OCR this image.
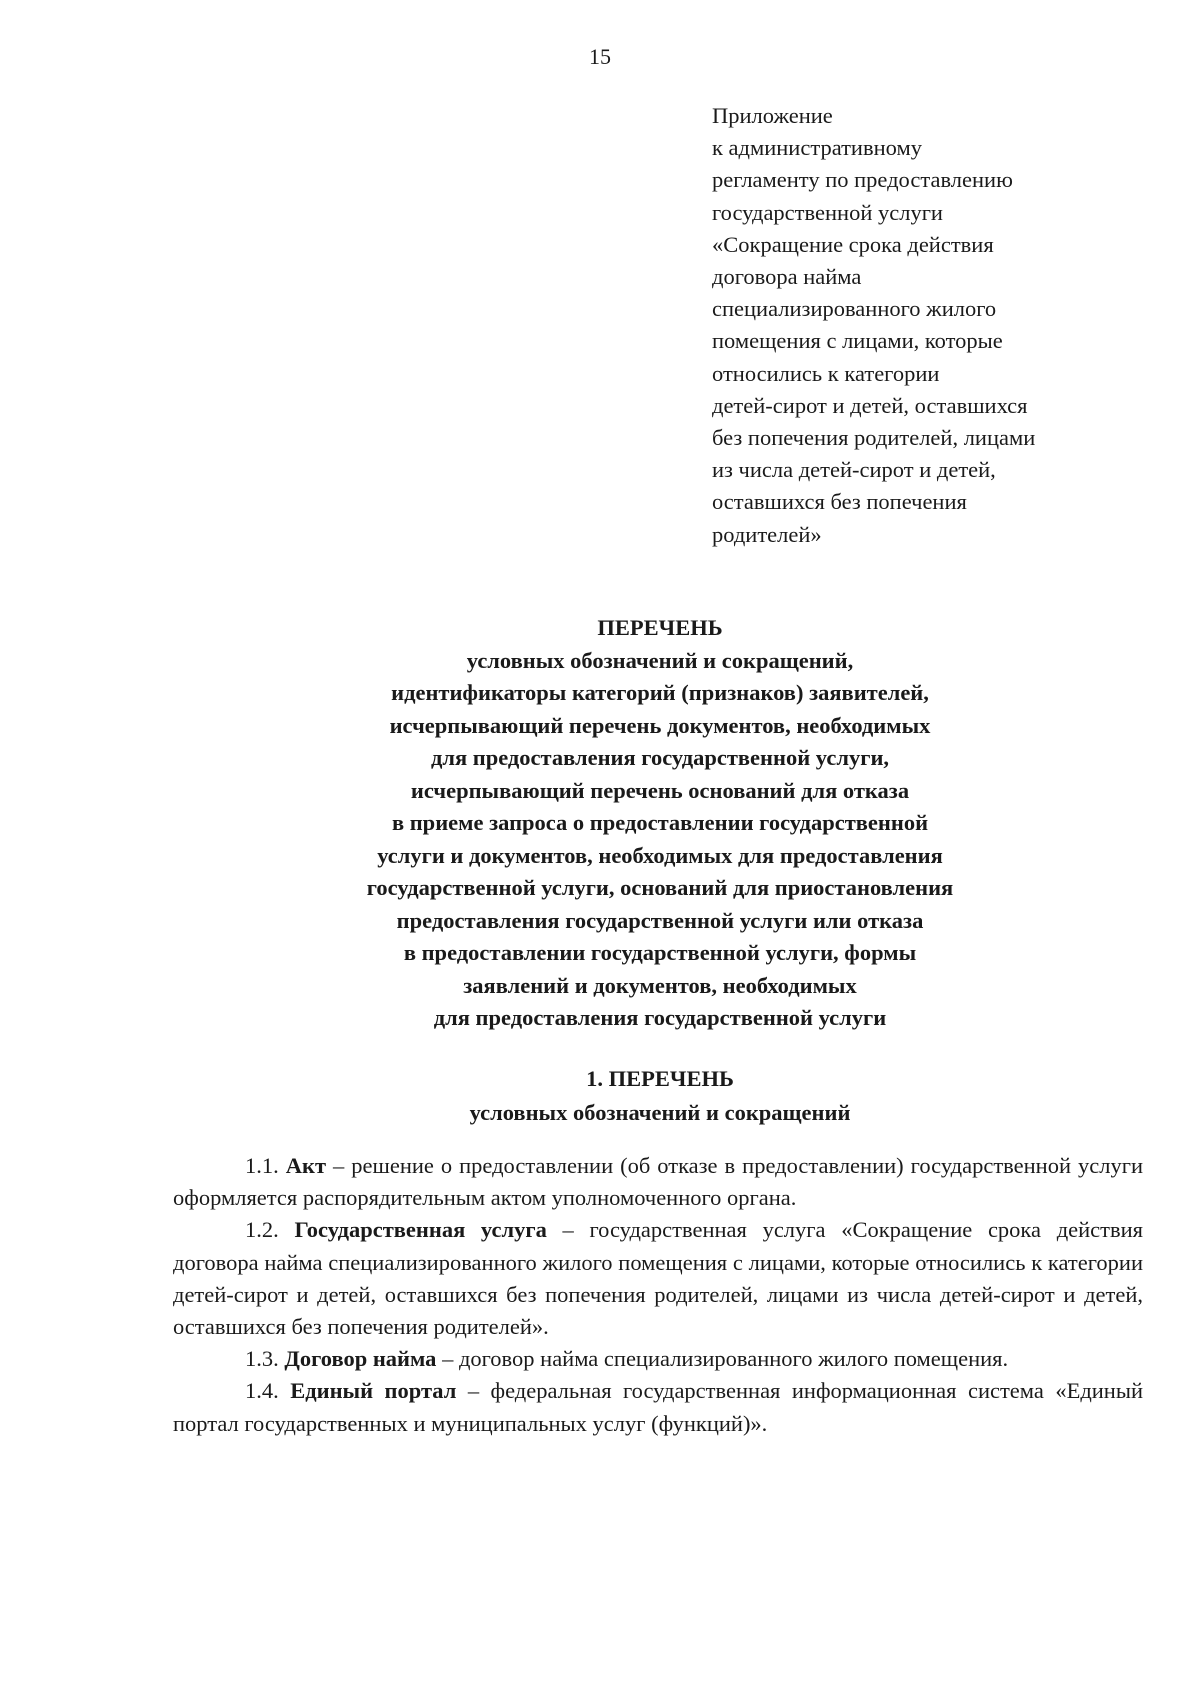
15
Приложение
к административному
регламенту по предоставлению
государственной услуги
«Сокращение срока действия
договора найма
специализированного жилого
помещения с лицами, которые
относились к категории
детей-сирот и детей, оставшихся
без попечения родителей, лицами
из числа детей-сирот и детей,
оставшихся без попечения
родителей»
ПЕРЕЧЕНЬ
условных обозначений и сокращений,
идентификаторы категорий (признаков) заявителей,
исчерпывающий перечень документов, необходимых
для предоставления государственной услуги,
исчерпывающий перечень оснований для отказа
в приеме запроса о предоставлении государственной
услуги и документов, необходимых для предоставления
государственной услуги, оснований для приостановления
предоставления государственной услуги или отказа
в предоставлении государственной услуги, формы
заявлений и документов, необходимых
для предоставления государственной услуги
1. ПЕРЕЧЕНЬ
условных обозначений и сокращений

1.1. Акт – решение о предоставлении (об отказе в предоставлении) государственной услуги оформляется распорядительным актом уполномоченного органа.

1.2. Государственная услуга – государственная услуга «Сокращение срока действия договора найма специализированного жилого помещения с лицами, которые относились к категории детей-сирот и детей, оставшихся без попечения родителей, лицами из числа детей-сирот и детей, оставшихся без попечения родителей».

1.3. Договор найма – договор найма специализированного жилого помещения.

1.4. Единый портал – федеральная государственная информационная система «Единый портал государственных и муниципальных услуг (функций)».
